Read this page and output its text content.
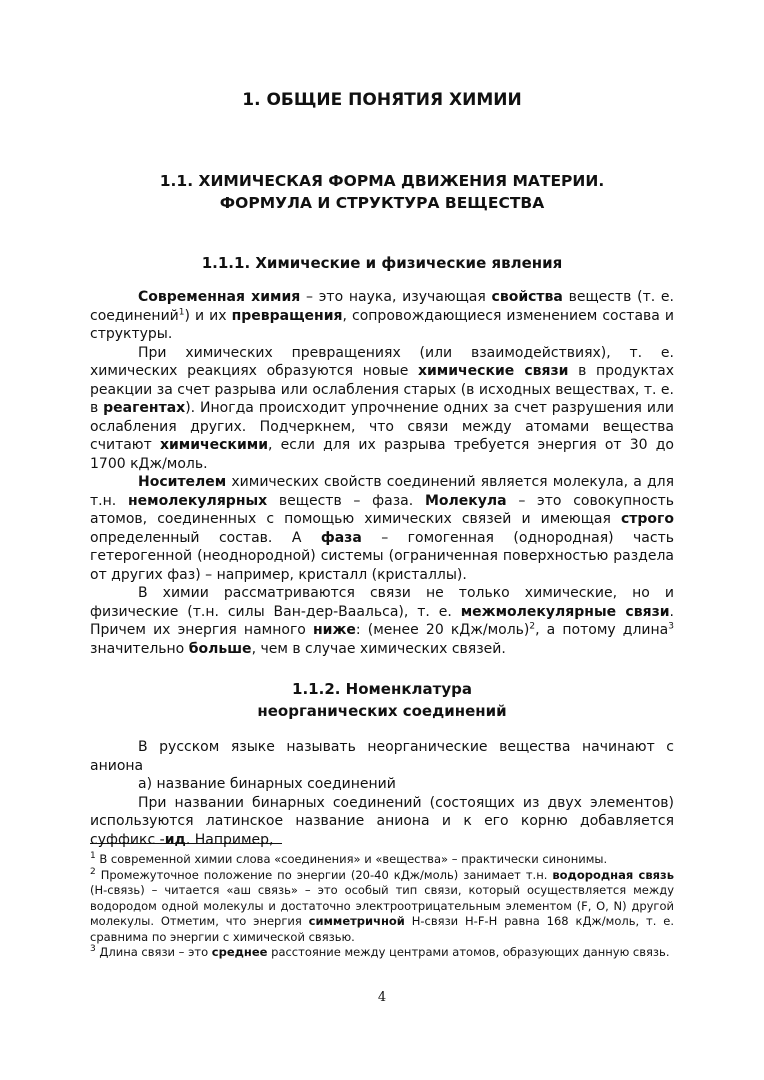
1. ОБЩИЕ ПОНЯТИЯ ХИМИИ
1.1. ХИМИЧЕСКАЯ ФОРМА ДВИЖЕНИЯ МАТЕРИИ.
ФОРМУЛА И СТРУКТУРА ВЕЩЕСТВА
1.1.1. Химические и физические явления

Современная химия – это наука, изучающая свойства веществ (т. е. соединений$^1$) и их превращения, сопровождающиеся изменением состава и структуры.

При химических превращениях (или взаимодействиях), т. е. химических реакциях образуются новые химические связи в продуктах реакции за счет разрыва или ослабления старых (в исходных веществах, т. е. в реагентах). Иногда происходит упрочнение одних за счет разрушения или ослабления других. Подчеркнем, что связи между атомами вещества считают химическими, если для их разрыва требуется энергия от 30 до 1700 кДж/моль.

Носителем химических свойств соединений является молекула, а для т.н. немолекулярных веществ – фаза. Молекула – это совокупность атомов, соединенных с помощью химических связей и имеющая строго определенный состав. А фаза – гомогенная (однородная) часть гетерогенной (неоднородной) системы (ограниченная поверхностью раздела от других фаз) – например, кристалл (кристаллы).

В химии рассматриваются связи не только химические, но и физические (т.н. силы Ван-дер-Ваальса), т. е. межмолекулярные связи. Причем их энергия намного ниже: (менее 20 кДж/моль)$^2$, а потому длина$^3$ значительно больше, чем в случае химических связей.

1.1.2. Номенклатура
неорганических соединений

В русском языке называть неорганические вещества начинают с аниона

а) название бинарных соединений

При названии бинарных соединений (состоящих из двух элементов) используются латинское название аниона и к его корню добавляется суффикс -ид. Например,

$^1$ В современной химии слова «соединения» и «вещества» – практически синонимы.

$^2$ Промежуточное положение по энергии (20-40 кДж/моль) занимает т.н. водородная связь (Н-связь) – читается «аш связь» – это особый тип связи, который осуществляется между водородом одной молекулы и достаточно электроотрицательным элементом (F, O, N) другой молекулы. Отметим, что энергия симметричной Н-связи H-F-H равна 168 кДж/моль, т. е. сравнима по энергии с химической связью.

$^3$ Длина связи – это среднее расстояние между центрами атомов, образующих данную связь.

4
